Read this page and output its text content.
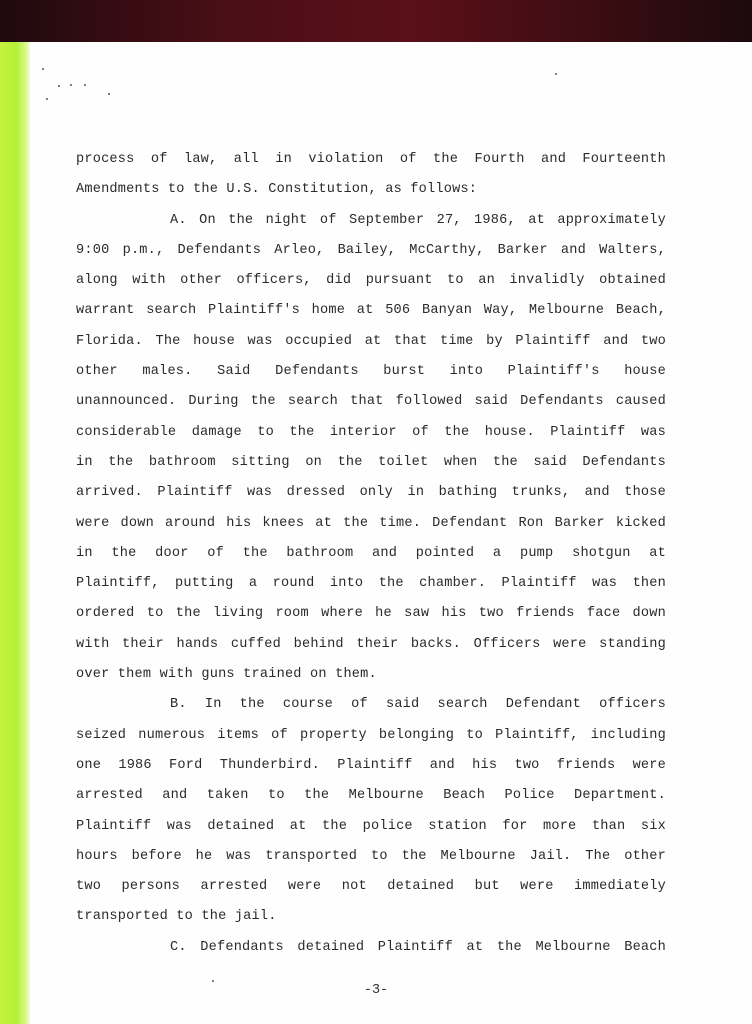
process of law, all in violation of the Fourth and Fourteenth
Amendments to the U.S. Constitution, as follows:
A. On the night of September 27, 1986, at approximately
9:00 p.m., Defendants Arleo, Bailey, McCarthy, Barker and Walters,
along with other officers, did pursuant to an invalidly obtained
warrant search Plaintiff's home at 506 Banyan Way, Melbourne Beach,
Florida. The house was occupied at that time by Plaintiff and two
other males. Said Defendants burst into Plaintiff's house
unannounced. During the search that followed said Defendants caused
considerable damage to the interior of the house. Plaintiff was
in the bathroom sitting on the toilet when the said Defendants
arrived. Plaintiff was dressed only in bathing trunks, and those
were down around his knees at the time. Defendant Ron Barker kicked
in the door of the bathroom and pointed a pump shotgun at
Plaintiff, putting a round into the chamber. Plaintiff was then
ordered to the living room where he saw his two friends face down
with their hands cuffed behind their backs. Officers were standing
over them with guns trained on them.
B. In the course of said search Defendant officers
seized numerous items of property belonging to Plaintiff, including
one 1986 Ford Thunderbird. Plaintiff and his two friends were
arrested and taken to the Melbourne Beach Police Department.
Plaintiff was detained at the police station for more than six
hours before he was transported to the Melbourne Jail. The other
two persons arrested were not detained but were immediately
transported to the jail.
C. Defendants detained Plaintiff at the Melbourne Beach
-3-
